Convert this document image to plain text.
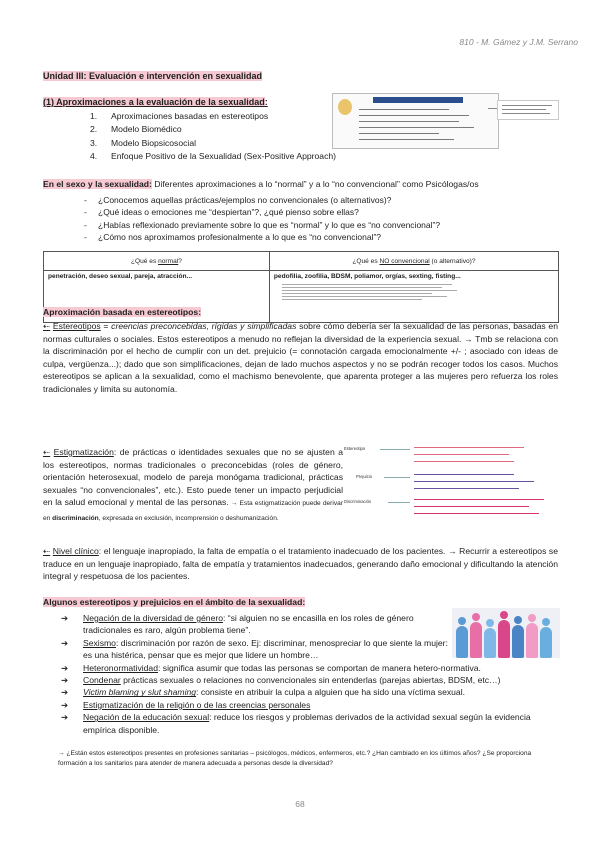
810 - M. Gámez y J.M. Serrano
Unidad III: Evaluación e intervención en sexualidad
(1) Aproximaciones a la evaluación de la sexualidad:
1. Aproximaciones basadas en estereotipos
2. Modelo Biomédico
3. Modelo Biopsicosocial
4. Enfoque Positivo de la Sexualidad (Sex-Positive Approach)
En el sexo y la sexualidad: Diferentes aproximaciones a lo “normal” y a lo “no convencional” como Psicólogas/os
- ¿Conocemos aquellas prácticas/ejemplos no convencionales (o alternativos)?
- ¿Qué ideas o emociones me “despiertan”?, ¿qué pienso sobre ellas?
- ¿Habías reflexionado previamente sobre lo que es “normal” y lo que es “no convencional”?
- ¿Cómo nos aproximamos profesionalmente a lo que es “no convencional”?
¿Qué es normal?	¿Qué es NO convencional (o alternativo)?
penetración, deseo sexual, pareja, atracción...	pedofilia, zoofilia, BDSM, poliamor, orgías, sexting, fisting...
Aproximación basada en estereotipos:
⇠ Estereotipos = creencias preconcebidas, rígidas y simplificadas sobre cómo debería ser la sexualidad de las personas, basadas en normas culturales o sociales. Estos estereotipos a menudo no reflejan la diversidad de la experiencia sexual. → Tmb se relaciona con la discriminación por el hecho de cumplir con un det. prejuicio (= connotación cargada emocionalmente +/- ; asociado con ideas de culpa, vergüenza...); dado que son simplificaciones, dejan de lado muchos aspectos y no se podrán recoger todos los casos. Muchos estereotipos se aplican a la sexualidad, como el machismo benevolente, que aparenta proteger a las mujeres pero refuerza los roles tradicionales y limita su autonomía.
⇠ Estigmatización: de prácticas o identidades sexuales que no se ajusten a los estereotipos, normas tradicionales o preconcebidas (roles de género, orientación heterosexual, modelo de pareja monógama tradicional, prácticas sexuales “no convencionales”, etc.). Esto puede tener un impacto perjudicial en la salud emocional y mental de las personas. → Esta estigmatización puede derivar en discriminación, expresada en exclusión, incomprensión o deshumanización.
Estereotipo
Prejuicio
Discriminación
⇠ Nivel clínico: el lenguaje inapropiado, la falta de empatía o el tratamiento inadecuado de los pacientes. → Recurrir a estereotipos se traduce en un lenguaje inapropiado, falta de empatía y tratamientos inadecuados, generando daño emocional y dificultando la atención integral y respetuosa de los pacientes.
Algunos estereotipos y prejuicios en el ámbito de la sexualidad:
➔ Negación de la diversidad de género: “si alguien no se encasilla en los roles de género tradicionales es raro, algún problema tiene”.
➔ Sexismo: discriminación por razón de sexo. Ej: discriminar, menospreciar lo que siente la mujer: es una histérica, pensar que es mejor que lidere un hombre…
➔ Heteronormatividad: significa asumir que todas las personas se comportan de manera hetero-normativa.
➔ Condenar prácticas sexuales o relaciones no convencionales sin entenderlas (parejas abiertas, BDSM, etc…)
➔ Victim blaming y slut shaming: consiste en atribuir la culpa a alguien que ha sido una víctima sexual.
➔ Estigmatización de la religión o de las creencias personales
➔ Negación de la educación sexual: reduce los riesgos y problemas derivados de la actividad sexual según la evidencia empírica disponible.
→ ¿Están estos estereotipos presentes en profesiones sanitarias – psicólogos, médicos, enfermeros, etc.? ¿Han cambiado en los últimos años? ¿Se proporciona formación a los sanitarios para atender de manera adecuada a personas desde la diversidad?
68
